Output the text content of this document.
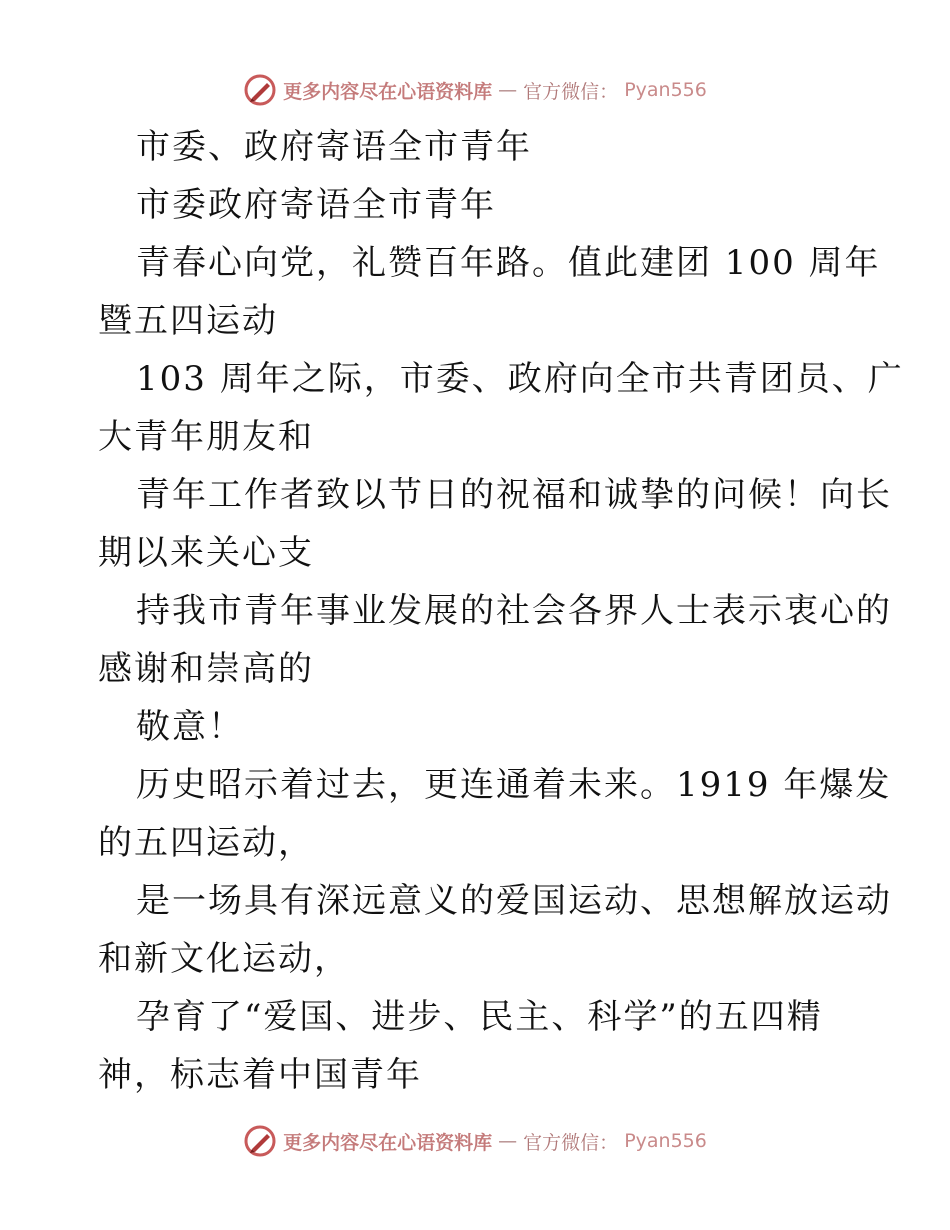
更多内容尽在心语资料库 — 官方微信： Pyan556
市委、政府寄语全市青年
市委政府寄语全市青年
青春心向党，礼赞百年路。值此建团 100 周年
暨五四运动
103 周年之际，市委、政府向全市共青团员、广
大青年朋友和
青年工作者致以节日的祝福和诚挚的问候！向长
期以来关心支
持我市青年事业发展的社会各界人士表示衷心的
感谢和崇高的
敬意！
历史昭示着过去，更连通着未来。1919 年爆发
的五四运动，
是一场具有深远意义的爱国运动、思想解放运动
和新文化运动，
孕育了“爱国、进步、民主、科学”的五四精
神，标志着中国青年
更多内容尽在心语资料库 — 官方微信： Pyan556
